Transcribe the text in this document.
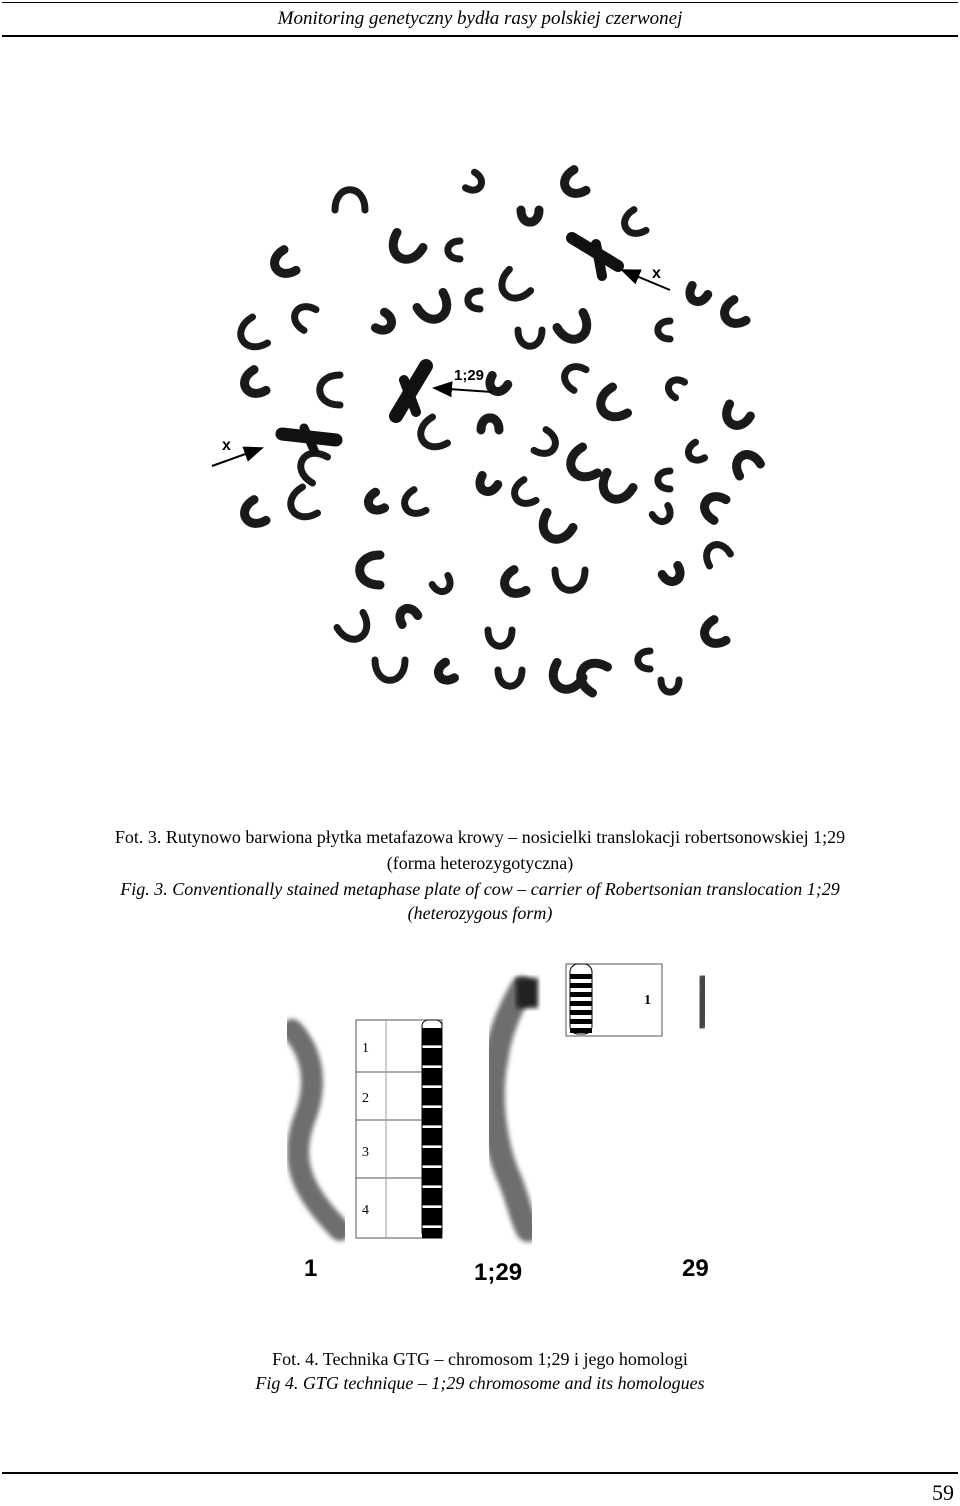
Monitoring genetyczny bydła rasy polskiej czerwonej
x
1;29
x
Fot. 3. Rutynowo barwiona płytka metafazowa krowy – nosicielki translokacji robertsonowskiej 1;29
(forma heterozygotyczna)
Fig. 3. Conventionally stained metaphase plate of cow – carrier of Robertsonian translocation 1;29
(heterozygous form)
1
2
3
4
1
1	1;29	29
Fot. 4. Technika GTG – chromosom 1;29 i jego homologi
Fig 4. GTG technique – 1;29 chromosome and its homologues
59
